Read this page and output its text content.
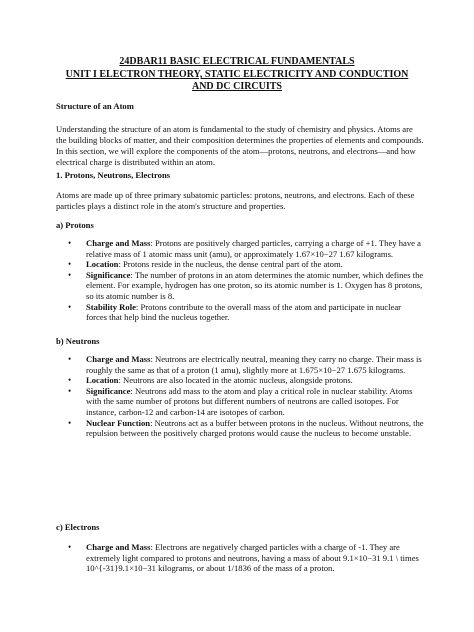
24DBAR11 BASIC ELECTRICAL FUNDAMENTALS
UNIT I ELECTRON THEORY, STATIC ELECTRICITY AND CONDUCTION AND DC CIRCUITS
Structure of an Atom
Understanding the structure of an atom is fundamental to the study of chemistry and physics. Atoms are the building blocks of matter, and their composition determines the properties of elements and compounds. In this section, we will explore the components of the atom—protons, neutrons, and electrons—and how electrical charge is distributed within an atom.
1. Protons, Neutrons, Electrons
Atoms are made up of three primary subatomic particles: protons, neutrons, and electrons. Each of these particles plays a distinct role in the atom's structure and properties.
a) Protons
• Charge and Mass: Protons are positively charged particles, carrying a charge of +1. They have a relative mass of 1 atomic mass unit (amu), or approximately 1.67×10−27 1.67 kilograms.
• Location: Protons reside in the nucleus, the dense central part of the atom.
• Significance: The number of protons in an atom determines the atomic number, which defines the element. For example, hydrogen has one proton, so its atomic number is 1. Oxygen has 8 protons, so its atomic number is 8.
• Stability Role: Protons contribute to the overall mass of the atom and participate in nuclear forces that help bind the nucleus together.
b) Neutrons
• Charge and Mass: Neutrons are electrically neutral, meaning they carry no charge. Their mass is roughly the same as that of a proton (1 amu), slightly more at 1.675×10−27 1.675 kilograms.
• Location: Neutrons are also located in the atomic nucleus, alongside protons.
• Significance: Neutrons add mass to the atom and play a critical role in nuclear stability. Atoms with the same number of protons but different numbers of neutrons are called isotopes. For instance, carbon-12 and carbon-14 are isotopes of carbon.
• Nuclear Function: Neutrons act as a buffer between protons in the nucleus. Without neutrons, the repulsion between the positively charged protons would cause the nucleus to become unstable.
c) Electrons
• Charge and Mass: Electrons are negatively charged particles with a charge of -1. They are extremely light compared to protons and neutrons, having a mass of about 9.1×10−31 9.1 \ times 10^{-31}9.1×10−31 kilograms, or about 1/1836 of the mass of a proton.
